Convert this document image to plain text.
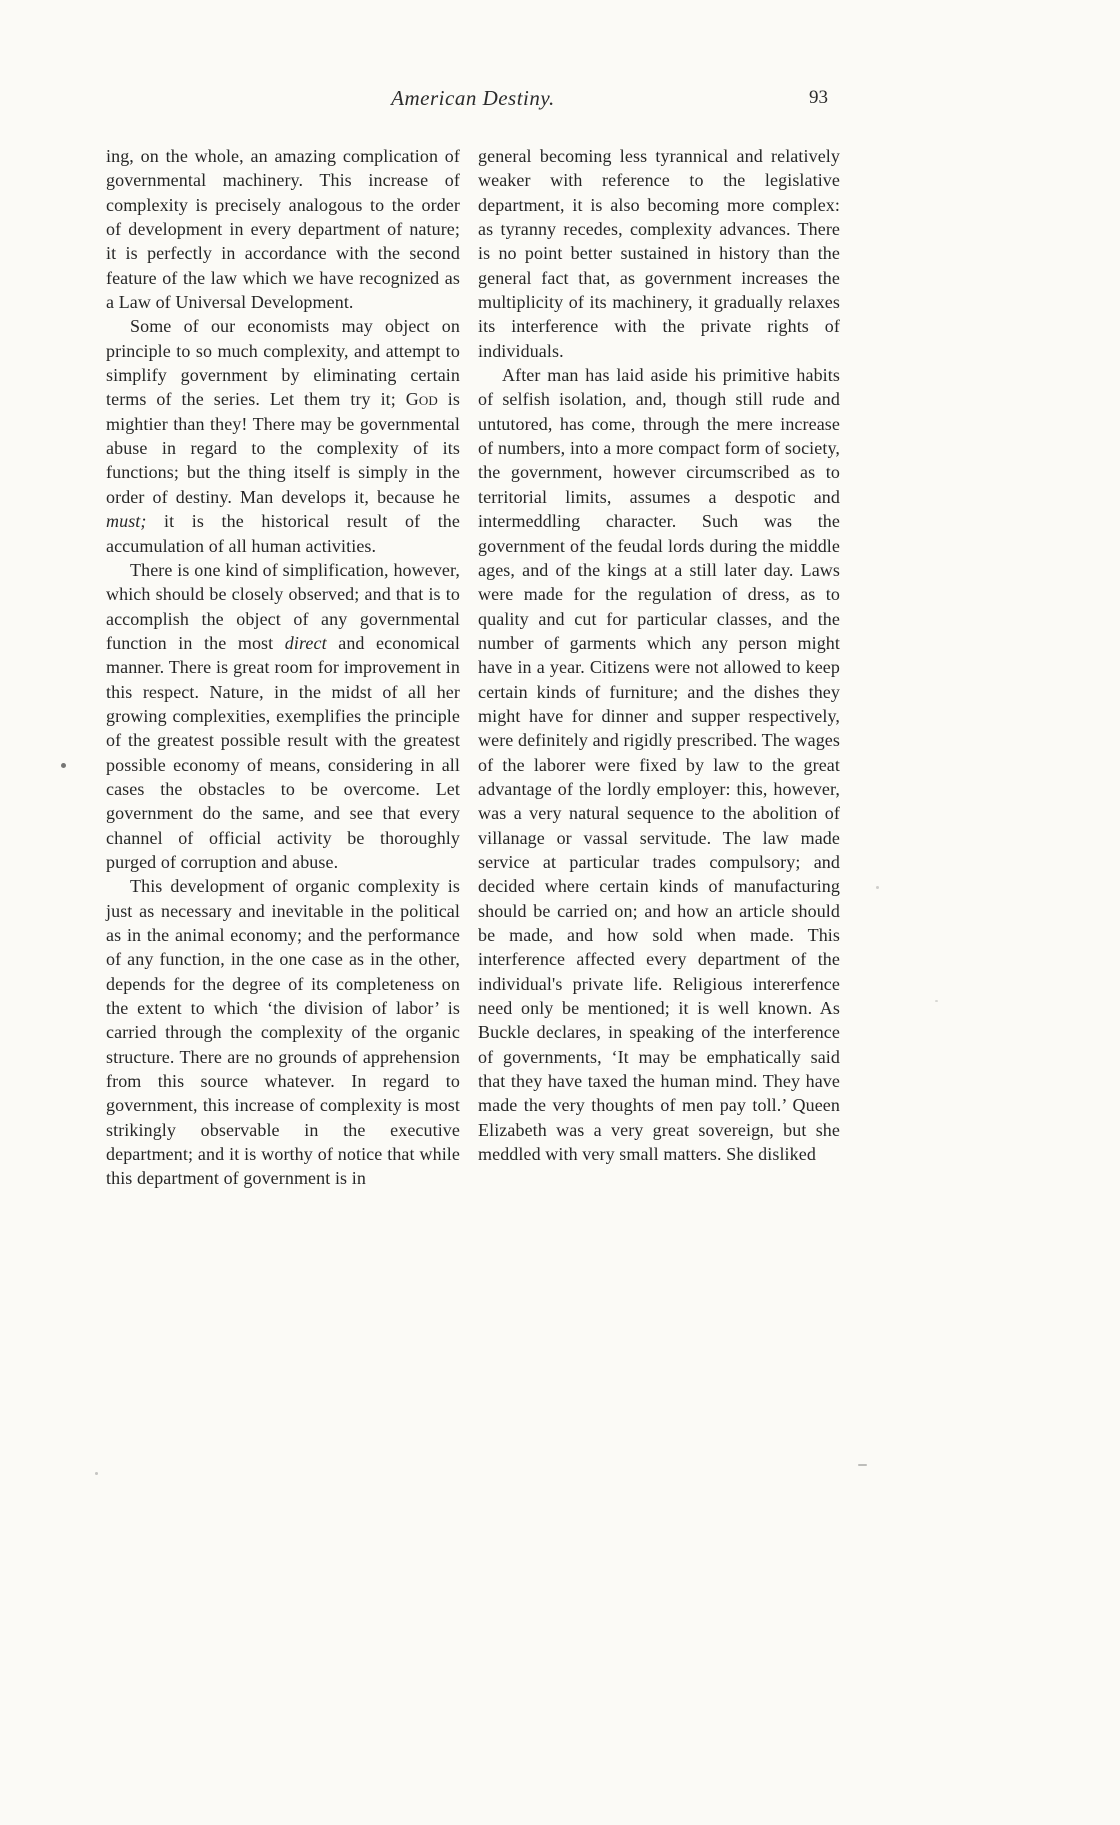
American Destiny.	93

ing, on the whole, an amazing complication of governmental machinery. This increase of complexity is precisely analogous to the order of development in every department of nature; it is perfectly in accordance with the second feature of the law which we have recognized as a Law of Universal Development.

Some of our economists may object on principle to so much complexity, and attempt to simplify government by eliminating certain terms of the series. Let them try it; God is mightier than they! There may be governmental abuse in regard to the complexity of its functions; but the thing itself is simply in the order of destiny. Man develops it, because he must; it is the historical result of the accumulation of all human activities.

There is one kind of simplification, however, which should be closely observed; and that is to accomplish the object of any governmental function in the most direct and economical manner. There is great room for improvement in this respect. Nature, in the midst of all her growing complexities, exemplifies the principle of the greatest possible result with the greatest possible economy of means, considering in all cases the obstacles to be overcome. Let government do the same, and see that every channel of official activity be thoroughly purged of corruption and abuse.

This development of organic complexity is just as necessary and inevitable in the political as in the animal economy; and the performance of any function, in the one case as in the other, depends for the degree of its completeness on the extent to which ‘the division of labor’ is carried through the complexity of the organic structure. There are no grounds of apprehension from this source whatever. In regard to government, this increase of complexity is most strikingly observable in the executive department; and it is worthy of notice that while this department of government is in

general becoming less tyrannical and relatively weaker with reference to the legislative department, it is also becoming more complex: as tyranny recedes, complexity advances. There is no point better sustained in history than the general fact that, as government increases the multiplicity of its machinery, it gradually relaxes its interference with the private rights of individuals.

After man has laid aside his primitive habits of selfish isolation, and, though still rude and untutored, has come, through the mere increase of numbers, into a more compact form of society, the government, however circumscribed as to territorial limits, assumes a despotic and intermeddling character. Such was the government of the feudal lords during the middle ages, and of the kings at a still later day. Laws were made for the regulation of dress, as to quality and cut for particular classes, and the number of garments which any person might have in a year. Citizens were not allowed to keep certain kinds of furniture; and the dishes they might have for dinner and supper respectively, were definitely and rigidly prescribed. The wages of the laborer were fixed by law to the great advantage of the lordly employer: this, however, was a very natural sequence to the abolition of villanage or vassal servitude. The law made service at particular trades compulsory; and decided where certain kinds of manufacturing should be carried on; and how an article should be made, and how sold when made. This interference affected every department of the individual's private life. Religious intererfence need only be mentioned; it is well known. As Buckle declares, in speaking of the interference of governments, ‘It may be emphatically said that they have taxed the human mind. They have made the very thoughts of men pay toll.’ Queen Elizabeth was a very great sovereign, but she meddled with very small matters. She disliked
